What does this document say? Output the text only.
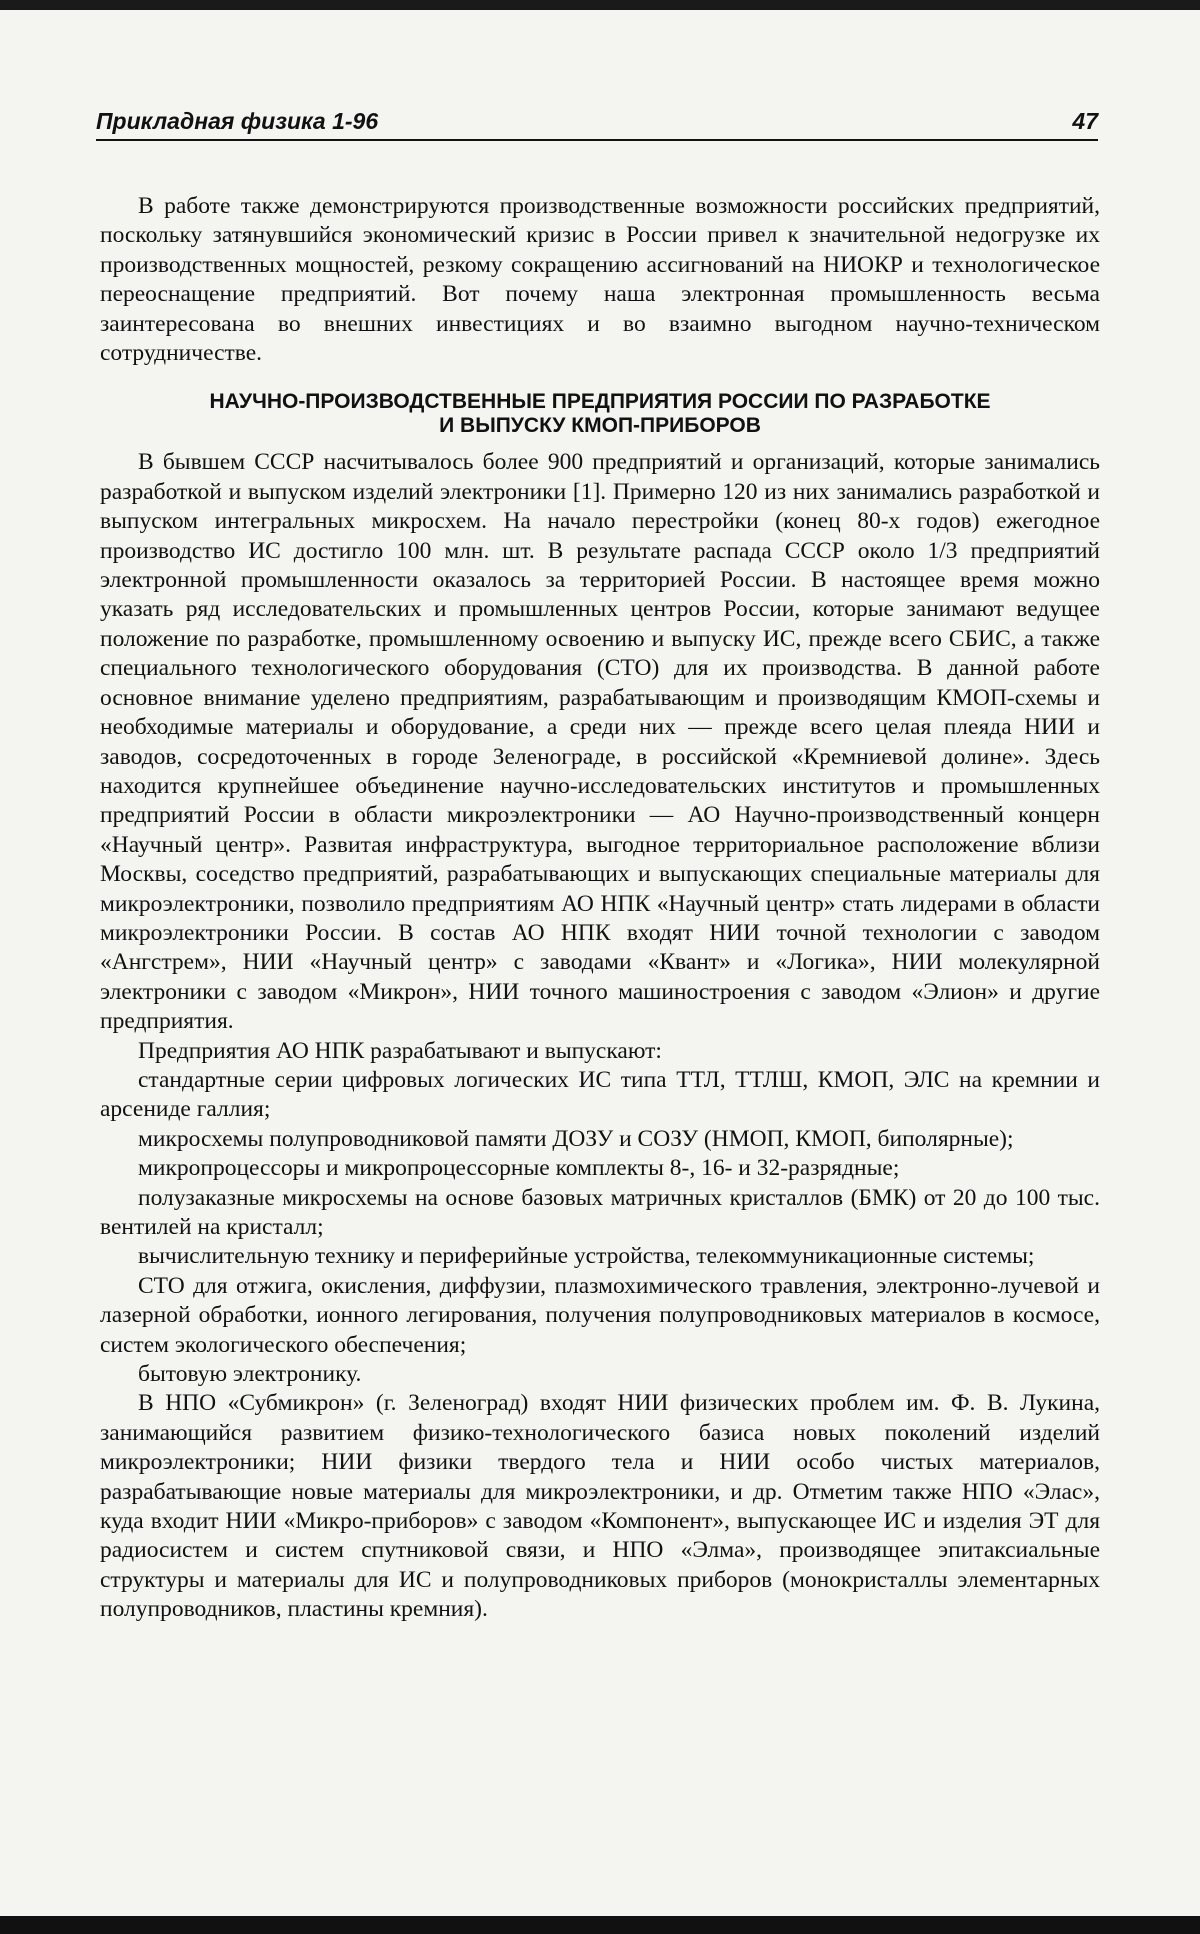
Прикладная физика 1-96	47

В работе также демонстрируются производственные возможности российских предприятий, поскольку затянувшийся экономический кризис в России привел к значительной недогрузке их производственных мощностей, резкому сокращению ассигнований на НИОКР и технологическое переоснащение предприятий. Вот почему наша электронная промышленность весьма заинтересована во внешних инвестициях и во взаимно выгодном научно-техническом сотрудничестве.

НАУЧНО-ПРОИЗВОДСТВЕННЫЕ ПРЕДПРИЯТИЯ РОССИИ ПО РАЗРАБОТКЕ
И ВЫПУСКУ КМОП-ПРИБОРОВ

В бывшем СССР насчитывалось более 900 предприятий и организаций, которые занимались разработкой и выпуском изделий электроники [1]. Примерно 120 из них занимались разработкой и выпуском интегральных микросхем. На начало перестройки (конец 80-х годов) ежегодное производство ИС достигло 100 млн. шт. В результате распада СССР около 1/3 предприятий электронной промышленности оказалось за территорией России. В настоящее время можно указать ряд исследовательских и промышленных центров России, которые занимают ведущее положение по разработке, промышленному освоению и выпуску ИС, прежде всего СБИС, а также специального технологического оборудования (СТО) для их производства. В данной работе основное внимание уделено предприятиям, разрабатывающим и производящим КМОП-схемы и необходимые материалы и оборудование, а среди них — прежде всего целая плеяда НИИ и заводов, сосредоточенных в городе Зеленограде, в российской «Кремниевой долине». Здесь находится крупнейшее объединение научно-исследовательских институтов и промышленных предприятий России в области микроэлектроники — АО Научно-производственный концерн «Научный центр». Развитая инфраструктура, выгодное территориальное расположение вблизи Москвы, соседство предприятий, разрабатывающих и выпускающих специальные материалы для микроэлектроники, позволило предприятиям АО НПК «Научный центр» стать лидерами в области микроэлектроники России. В состав АО НПК входят НИИ точной технологии с заводом «Ангстрем», НИИ «Научный центр» с заводами «Квант» и «Логика», НИИ молекулярной электроники с заводом «Микрон», НИИ точного машиностроения с заводом «Элион» и другие предприятия.

Предприятия АО НПК разрабатывают и выпускают:

стандартные серии цифровых логических ИС типа ТТЛ, ТТЛШ, КМОП, ЭЛС на кремнии и арсениде галлия;

микросхемы полупроводниковой памяти ДОЗУ и СОЗУ (НМОП, КМОП, биполярные);

микропроцессоры и микропроцессорные комплекты 8-, 16- и 32-разрядные;

полузаказные микросхемы на основе базовых матричных кристаллов (БМК) от 20 до 100 тыс. вентилей на кристалл;

вычислительную технику и периферийные устройства, телекоммуникационные системы;

СТО для отжига, окисления, диффузии, плазмохимического травления, электронно-лучевой и лазерной обработки, ионного легирования, получения полупроводниковых материалов в космосе, систем экологического обеспечения;

бытовую электронику.

В НПО «Субмикрон» (г. Зеленоград) входят НИИ физических проблем им. Ф. В. Лукина, занимающийся развитием физико-технологического базиса новых поколений изделий микроэлектроники; НИИ физики твердого тела и НИИ особо чистых материалов, разрабатывающие новые материалы для микроэлектроники, и др. Отметим также НПО «Элас», куда входит НИИ «Микро-приборов» с заводом «Компонент», выпускающее ИС и изделия ЭТ для радиосистем и систем спутниковой связи, и НПО «Элма», производящее эпитаксиальные структуры и материалы для ИС и полупроводниковых приборов (монокристаллы элементарных полупроводников, пластины кремния).
